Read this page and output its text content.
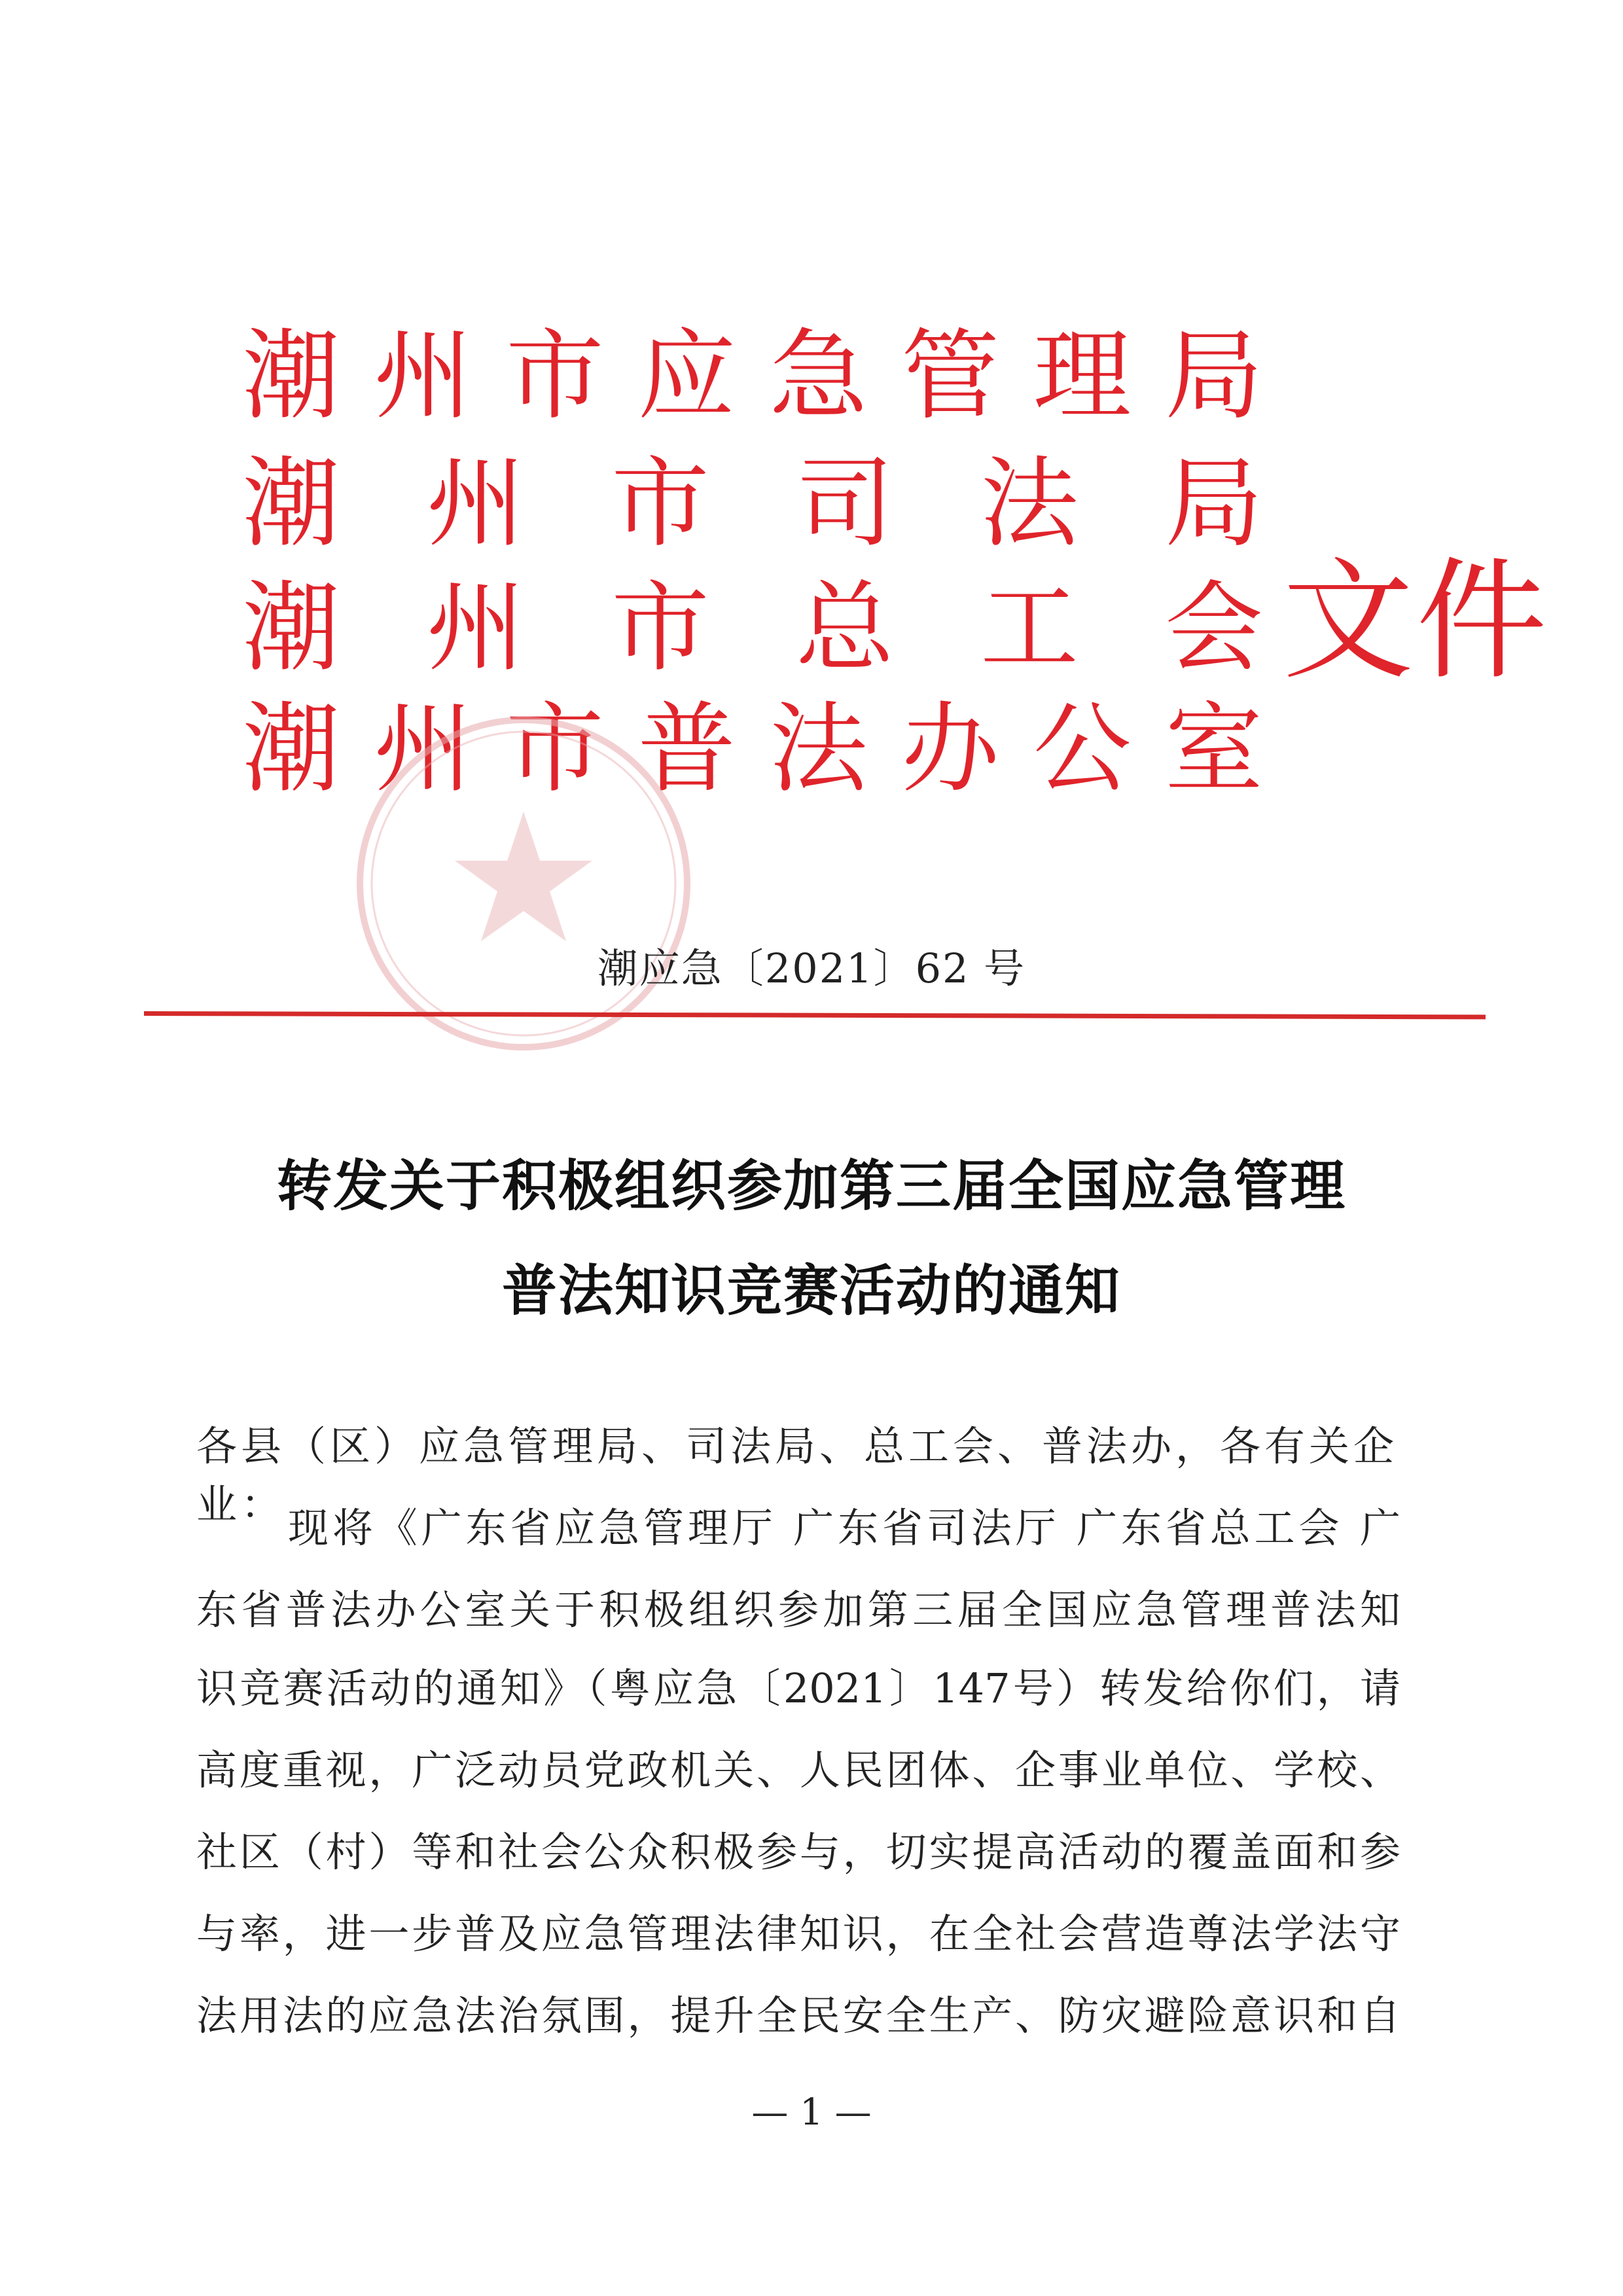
潮 州 市 应 急 管 理 局
潮 州 市 司 法 局
潮 州 市 总 工 会
潮 州 市 普 法 办 公 室
文件
潮应急〔2021〕62 号
转发关于积极组织参加第三届全国应急管理
普法知识竞赛活动的通知
各县（区）应急管理局、司法局、总工会、普法办，各有关企业： 现将《广东省应急管理厅 广东省司法厅 广东省总工会 广
东省普法办公室关于积极组织参加第三届全国应急管理普法知
识竞赛活动的通知》（粤应急〔2021〕147号）转发给你们，请
高度重视，广泛动员党政机关、人民团体、企事业单位、学校、
社区（村）等和社会公众积极参与，切实提高活动的覆盖面和参
与率，进一步普及应急管理法律知识，在全社会营造尊法学法守
法用法的应急法治氛围，提升全民安全生产、防灾避险意识和自
— 1 —
